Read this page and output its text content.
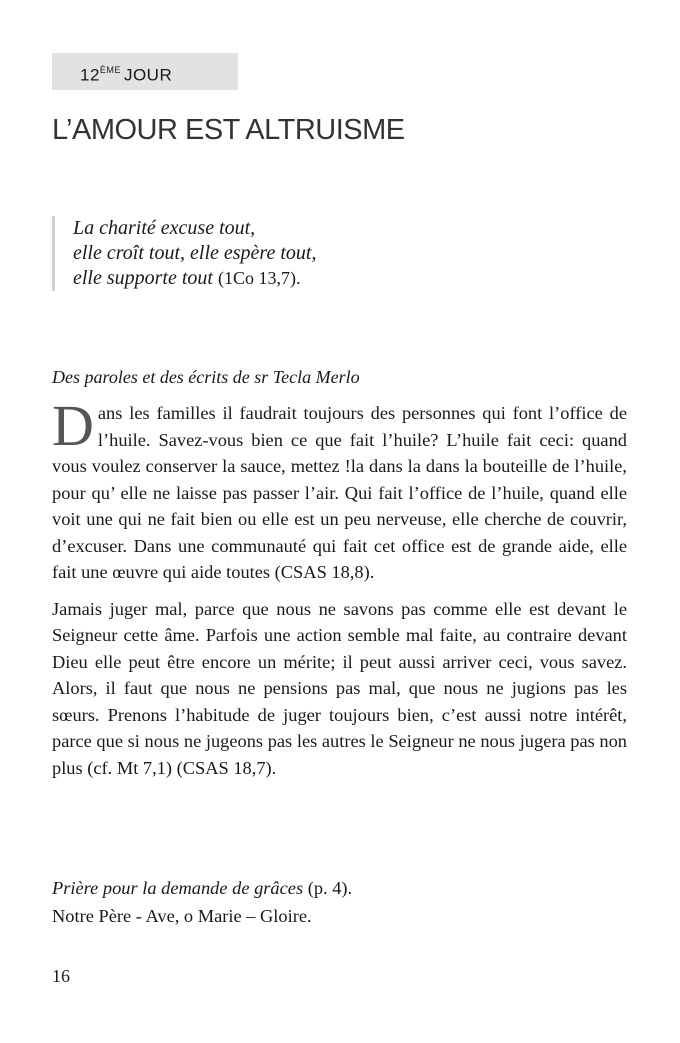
12ÈME JOUR
L’AMOUR EST ALTRUISME
La charité excuse tout,
elle croît tout, elle espère tout,
elle supporte tout (1Co 13,7).
Des paroles et des écrits de sr Tecla Merlo

Dans les familles il faudrait toujours des personnes qui font l’office de l’huile. Savez-vous bien ce que fait l’huile? L’huile fait ceci: quand vous voulez conserver la sauce, mettez !la dans la dans la bouteille de l’huile, pour qu’ elle ne laisse pas passer l’air. Qui fait l’office de l’huile, quand elle voit une qui ne fait bien ou elle est un peu nerveuse, elle cherche de couvrir, d’excuser. Dans une communauté qui fait cet office est de grande aide, elle fait une œuvre qui aide toutes (CSAS 18,8).

Jamais juger mal, parce que nous ne savons pas comme elle est devant le Seigneur cette âme. Parfois une action semble mal faite, au contraire devant Dieu elle peut être encore un mérite; il peut aussi arriver ceci, vous savez. Alors, il faut que nous ne pensions pas mal, que nous ne jugions pas les sœurs. Prenons l’habitude de juger toujours bien, c’est aussi notre intérêt, parce que si nous ne jugeons pas les autres le Seigneur ne nous jugera pas non plus (cf. Mt 7,1) (CSAS 18,7).

Prière pour la demande de grâces (p. 4).
Notre Père - Ave, o Marie – Gloire.
16
